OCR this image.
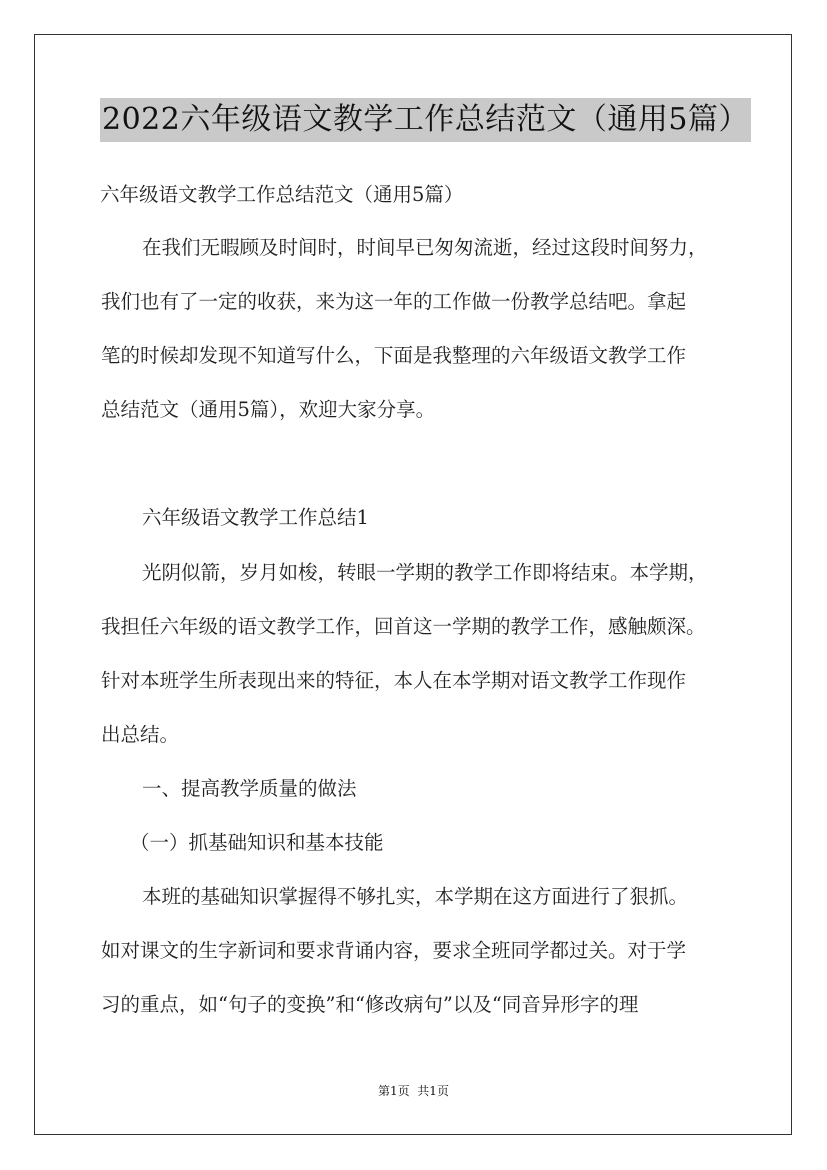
2022六年级语文教学工作总结范文（通用5篇）
六年级语文教学工作总结范文（通用5篇）
在我们无暇顾及时间时，时间早已匆匆流逝，经过这段时间努力，
我们也有了一定的收获，来为这一年的工作做一份教学总结吧。拿起
笔的时候却发现不知道写什么，下面是我整理的六年级语文教学工作
总结范文（通用5篇），欢迎大家分享。
六年级语文教学工作总结1
光阴似箭，岁月如梭，转眼一学期的教学工作即将结束。本学期，
我担任六年级的语文教学工作，回首这一学期的教学工作，感触颇深。
针对本班学生所表现出来的特征，本人在本学期对语文教学工作现作
出总结。
一、提高教学质量的做法
（一）抓基础知识和基本技能
本班的基础知识掌握得不够扎实，本学期在这方面进行了狠抓。
如对课文的生字新词和要求背诵内容，要求全班同学都过关。对于学
习的重点，如“句子的变换”和“修改病句”以及“同音异形字的理
第1页  共1页
